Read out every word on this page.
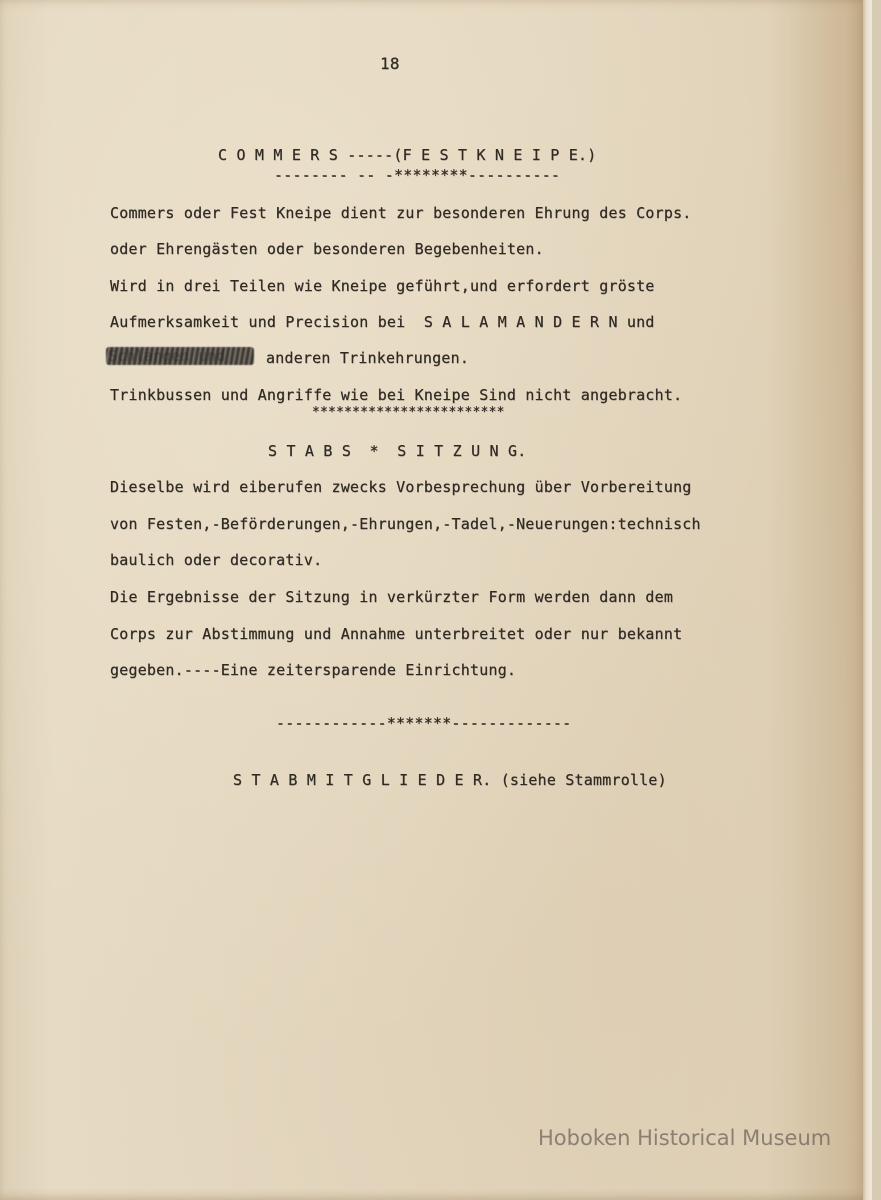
18
C O M M E R S -----(F E S T K N E I P E.)
-------- -- -********----------
Commers oder Fest Kneipe dient zur besonderen Ehrung des Corps.
oder Ehrengästen oder besonderen Begebenheiten.
Wird in drei Teilen wie Kneipe geführt,und erfordert gröste
Aufmerksamkeit und Precision bei  S A L A M A N D E R N und
Schlangen und	anderen Trinkehrungen.
Trinkbussen und Angriffe wie bei Kneipe Sind nicht angebracht.
************************
S T A B S  *  S I T Z U N G.
Dieselbe wird eiberufen zwecks Vorbesprechung über Vorbereitung
von Festen,-Beförderungen,-Ehrungen,-Tadel,-Neuerungen:technisch
baulich oder decorativ.
Die Ergebnisse der Sitzung in verkürzter Form werden dann dem
Corps zur Abstimmung und Annahme unterbreitet oder nur bekannt
gegeben.----Eine zeitersparende Einrichtung.
------------*******-------------
S T A B M I T G L I E D E R. (siehe Stammrolle)
Hoboken Historical Museum
